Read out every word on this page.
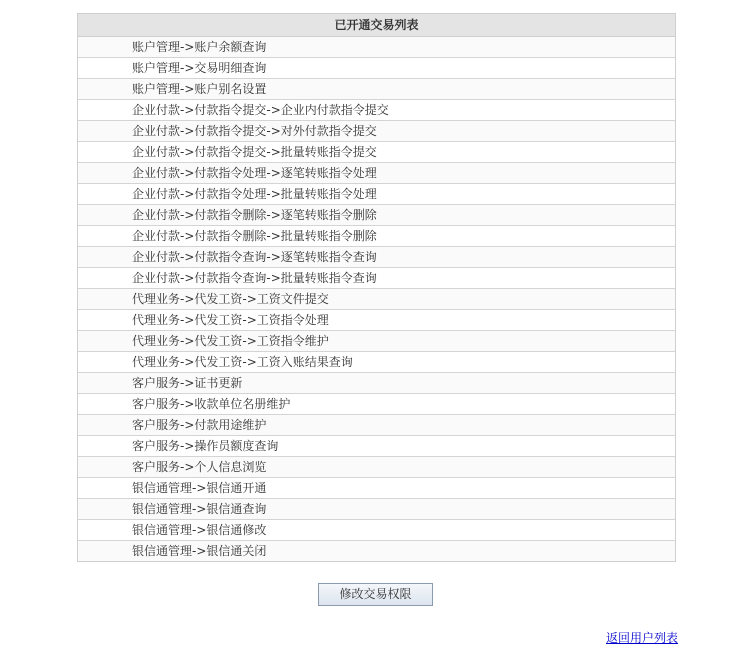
已开通交易列表
账户管理->账户余额查询
账户管理->交易明细查询
账户管理->账户别名设置
企业付款->付款指令提交->企业内付款指令提交
企业付款->付款指令提交->对外付款指令提交
企业付款->付款指令提交->批量转账指令提交
企业付款->付款指令处理->逐笔转账指令处理
企业付款->付款指令处理->批量转账指令处理
企业付款->付款指令删除->逐笔转账指令删除
企业付款->付款指令删除->批量转账指令删除
企业付款->付款指令查询->逐笔转账指令查询
企业付款->付款指令查询->批量转账指令查询
代理业务->代发工资->工资文件提交
代理业务->代发工资->工资指令处理
代理业务->代发工资->工资指令维护
代理业务->代发工资->工资入账结果查询
客户服务->证书更新
客户服务->收款单位名册维护
客户服务->付款用途维护
客户服务->操作员额度查询
客户服务->个人信息浏览
银信通管理->银信通开通
银信通管理->银信通查询
银信通管理->银信通修改
银信通管理->银信通关闭
修改交易权限
返回用户列表
